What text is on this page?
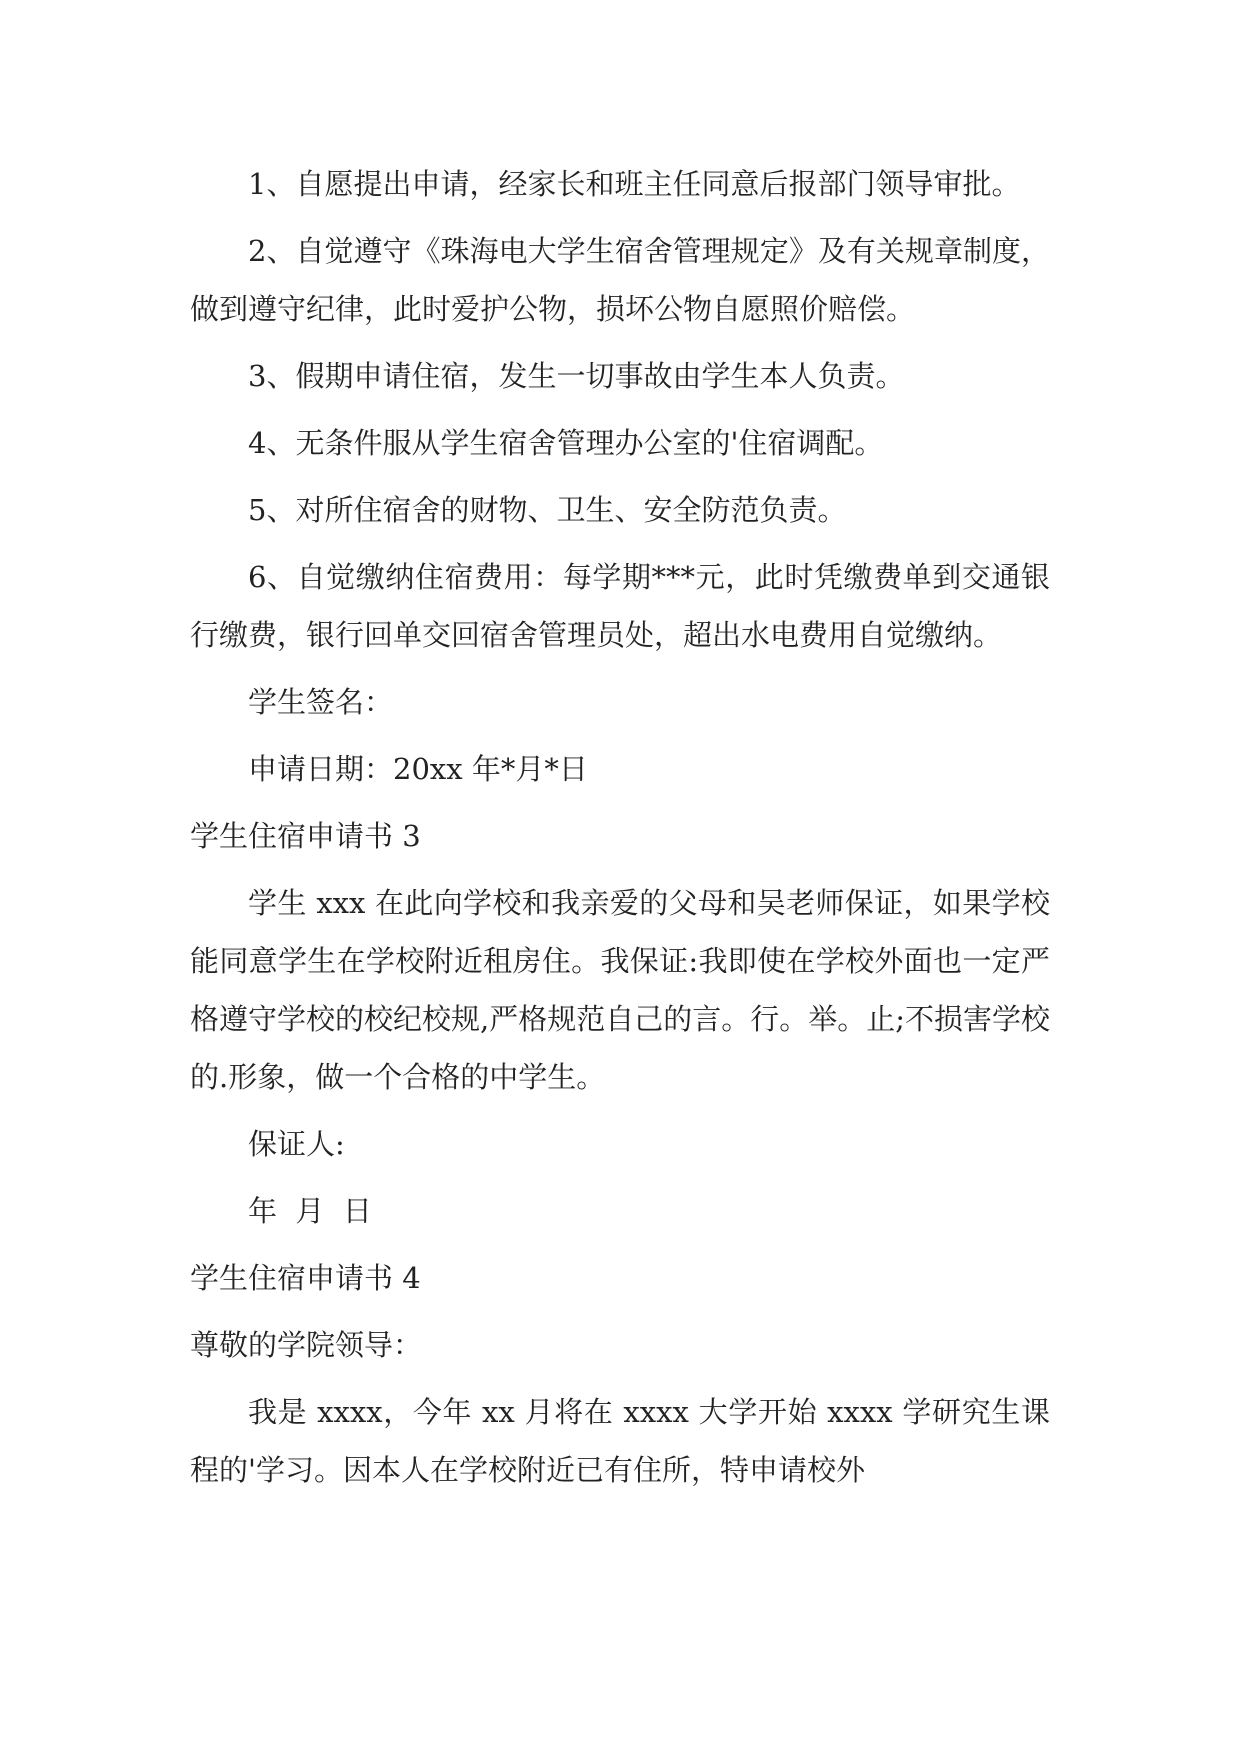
1、自愿提出申请，经家长和班主任同意后报部门领导审批。

2、自觉遵守《珠海电大学生宿舍管理规定》及有关规章制度，做到遵守纪律，此时爱护公物，损坏公物自愿照价赔偿。

3、假期申请住宿，发生一切事故由学生本人负责。

4、无条件服从学生宿舍管理办公室的'住宿调配。

5、对所住宿舍的财物、卫生、安全防范负责。

6、自觉缴纳住宿费用：每学期***元，此时凭缴费单到交通银行缴费，银行回单交回宿舍管理员处，超出水电费用自觉缴纳。

学生签名：

申请日期：20xx 年*月*日

学生住宿申请书 3

学生 xxx 在此向学校和我亲爱的父母和吴老师保证，如果学校能同意学生在学校附近租房住。我保证:我即使在学校外面也一定严格遵守学校的校纪校规,严格规范自己的言。行。举。止;不损害学校的.形象，做一个合格的中学生。

保证人:

年  月  日

学生住宿申请书 4

尊敬的学院领导：

我是 xxxx，今年 xx 月将在 xxxx 大学开始 xxxx 学研究生课程的'学习。因本人在学校附近已有住所，特申请校外
